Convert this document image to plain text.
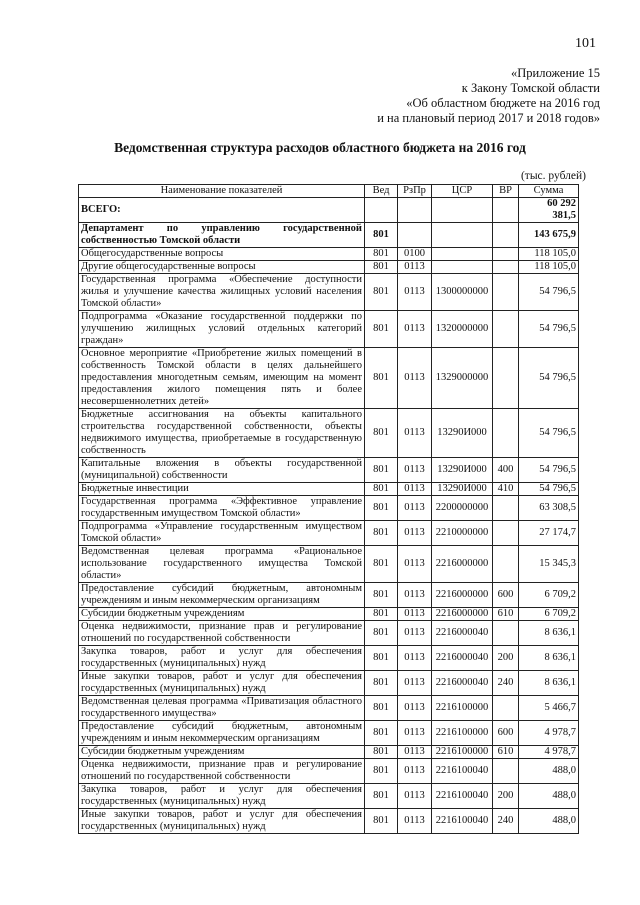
101
«Приложение 15
к Закону Томской области
«Об областном бюджете на 2016 год
и на плановый период 2017 и 2018 годов»
Ведомственная структура расходов областного бюджета на 2016 год
(тыс. рублей)
Наименование показателей	Вед	РзПр	ЦСР	ВР	Сумма
ВСЕГО:					60 292 381,5
Департамент по управлению государственной собственностью Томской области	801				143 675,9
Общегосударственные вопросы	801	0100			118 105,0
Другие общегосударственные вопросы	801	0113			118 105,0
Государственная программа «Обеспечение доступности жилья и улучшение качества жилищных условий населения Томской области»	801	0113	1300000000		54 796,5
Подпрограмма «Оказание государственной поддержки по улучшению жилищных условий отдельных категорий граждан»	801	0113	1320000000		54 796,5
Основное мероприятие «Приобретение жилых помещений в собственность Томской области в целях дальнейшего предоставления многодетным семьям, имеющим на момент предоставления жилого помещения пять и более несовершеннолетних детей»	801	0113	1329000000		54 796,5
Бюджетные ассигнования на объекты капитального строительства государственной собственности, объекты недвижимого имущества, приобретаемые в государственную собственность	801	0113	13290И000		54 796,5
Капитальные вложения в объекты государственной (муниципальной) собственности	801	0113	13290И000	400	54 796,5
Бюджетные инвестиции	801	0113	13290И000	410	54 796,5
Государственная программа «Эффективное управление государственным имуществом Томской области»	801	0113	2200000000		63 308,5
Подпрограмма «Управление государственным имуществом Томской области»	801	0113	2210000000		27 174,7
Ведомственная целевая программа «Рациональное использование государственного имущества Томской области»	801	0113	2216000000		15 345,3
Предоставление субсидий бюджетным, автономным учреждениям и иным некоммерческим организациям	801	0113	2216000000	600	6 709,2
Субсидии бюджетным учреждениям	801	0113	2216000000	610	6 709,2
Оценка недвижимости, признание прав и регулирование отношений по государственной собственности	801	0113	2216000040		8 636,1
Закупка товаров, работ и услуг для обеспечения государственных (муниципальных) нужд	801	0113	2216000040	200	8 636,1
Иные закупки товаров, работ и услуг для обеспечения государственных (муниципальных) нужд	801	0113	2216000040	240	8 636,1
Ведомственная целевая программа «Приватизация областного государственного имущества»	801	0113	2216100000		5 466,7
Предоставление субсидий бюджетным, автономным учреждениям и иным некоммерческим организациям	801	0113	2216100000	600	4 978,7
Субсидии бюджетным учреждениям	801	0113	2216100000	610	4 978,7
Оценка недвижимости, признание прав и регулирование отношений по государственной собственности	801	0113	2216100040		488,0
Закупка товаров, работ и услуг для обеспечения государственных (муниципальных) нужд	801	0113	2216100040	200	488,0
Иные закупки товаров, работ и услуг для обеспечения государственных (муниципальных) нужд	801	0113	2216100040	240	488,0
